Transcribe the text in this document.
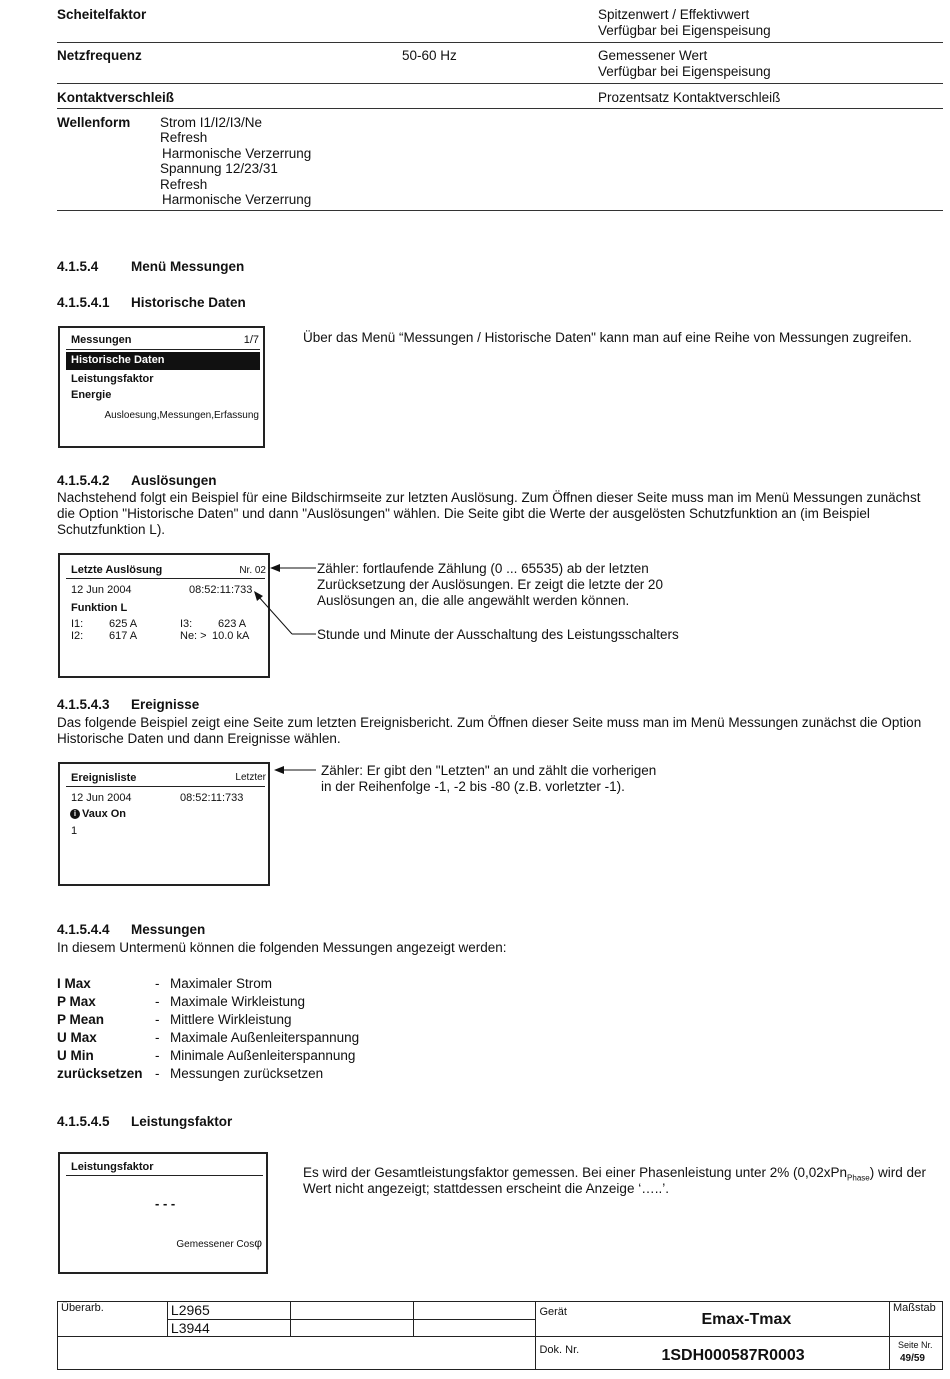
Scheitelfaktor	Spitzenwert / Effektivwert
Verfügbar bei Eigenspeisung
Netzfrequenz	50-60 Hz	Gemessener Wert
Verfügbar bei Eigenspeisung
Kontaktverschleiß	Prozentsatz Kontaktverschleiß
Wellenform Strom I1/I2/I3/Ne
Refresh
Harmonische Verzerrung
Spannung 12/23/31
Refresh
Harmonische Verzerrung
4.1.5.4 Menü Messungen
4.1.5.4.1 Historische Daten
Messungen	1/7
Historische Daten
Leistungsfaktor
Energie
Ausloesung,Messungen,Erfassung
Über das Menü “Messungen / Historische Daten" kann man auf eine Reihe von Messungen zugreifen.
4.1.5.4.2 Auslösungen
Nachstehend folgt ein Beispiel für eine Bildschirmseite zur letzten Auslösung. Zum Öffnen dieser Seite muss man im Menü Messungen zunächst
die Option "Historische Daten" und dann "Auslösungen" wählen. Die Seite gibt die Werte der ausgelösten Schutzfunktion an (im Beispiel
Schutzfunktion L).
Letzte Auslösung	Nr. 02
12 Jun 2004	08:52:11:733
Funktion L
I1: 625 A	I3: 623 A
I2: 617 A	Ne: > 10.0 kA
Zähler: fortlaufende Zählung (0 ... 65535) ab der letzten
Zurücksetzung der Auslösungen. Er zeigt die letzte der 20
Auslösungen an, die alle angewählt werden können.
Stunde und Minute der Ausschaltung des Leistungsschalters
4.1.5.4.3 Ereignisse
Das folgende Beispiel zeigt eine Seite zum letzten Ereignisbericht. Zum Öffnen dieser Seite muss man im Menü Messungen zunächst die Option
Historische Daten und dann Ereignisse wählen.
Ereignisliste	Letzter
12 Jun 2004	08:52:11:733
i Vaux On
1
Zähler: Er gibt den "Letzten" an und zählt die vorherigen
in der Reihenfolge -1, -2 bis -80 (z.B. vorletzter -1).
4.1.5.4.4 Messungen
In diesem Untermenü können die folgenden Messungen angezeigt werden:
I Max	- Maximaler Strom
P Max	- Maximale Wirkleistung
P Mean	- Mittlere Wirkleistung
U Max	- Maximale Außenleiterspannung
U Min	- Minimale Außenleiterspannung
zurücksetzen - Messungen zurücksetzen
4.1.5.4.5 Leistungsfaktor
Leistungsfaktor
- - -
Gemessener Cosφ
Es wird der Gesamtleistungsfaktor gemessen. Bei einer Phasenleistung unter 2% (0,02xPn$_{Phase}$) wird der
Wert nicht angezeigt; stattdessen erscheint die Anzeige ‘…..’.
Überarb.	L2965			Gerät Emax-Tmax	Maßstab
	L3944				

				Dok. Nr. 1SDH000587R0003	Seite Nr.
49/59
